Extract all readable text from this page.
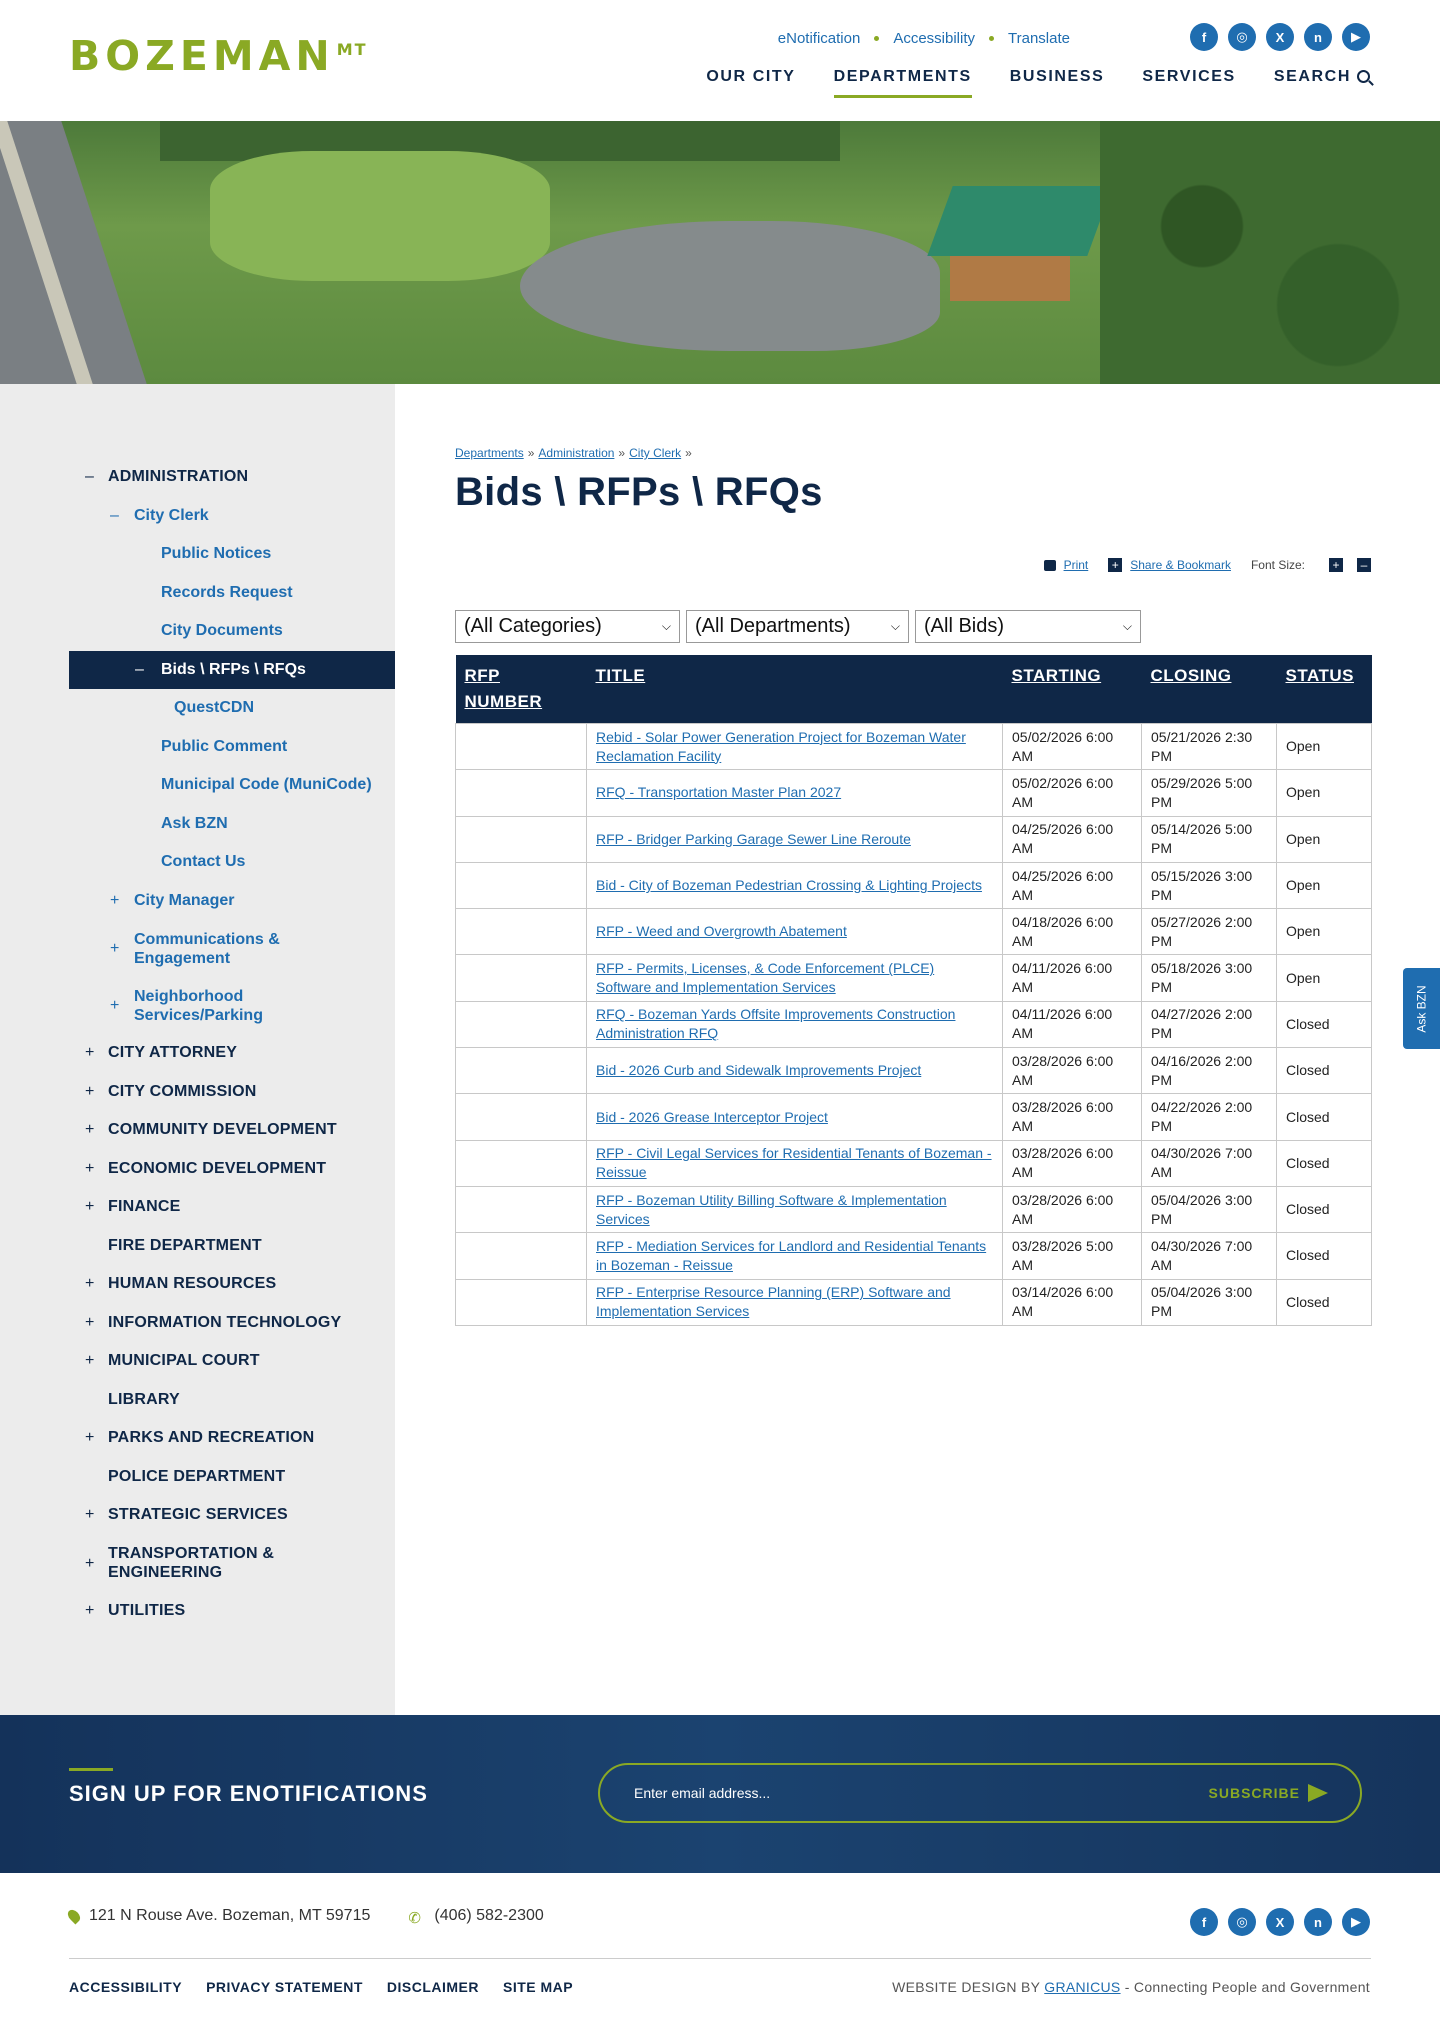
BOZEMAN MT
eNotification Accessibility Translate	f	◎	X	n	▶
OUR CITY DEPARTMENTS BUSINESS SERVICES SEARCH
– ADMINISTRATION
– City Clerk
Public Notices
Records Request
City Documents
– Bids \ RFPs \ RFQs
QuestCDN
Public Comment
Municipal Code (MuniCode)
Ask BZN
Contact Us
+ City Manager
+
Communications & Engagement
+
Neighborhood Services/Parking
+ CITY ATTORNEY
+ CITY COMMISSION
+ COMMUNITY DEVELOPMENT
+ ECONOMIC DEVELOPMENT
+ FINANCE
FIRE DEPARTMENT
+ HUMAN RESOURCES
+ INFORMATION TECHNOLOGY
+ MUNICIPAL COURT
LIBRARY
+ PARKS AND RECREATION
POLICE DEPARTMENT
+ STRATEGIC SERVICES
+
TRANSPORTATION & ENGINEERING
+ UTILITIES
Departments » Administration » City Clerk »
Bids \ RFPs \ RFQs
Print + Share & Bookmark Font Size: +	–
(All Categories)	⌵ (All Departments)	⌵ (All Bids)	⌵
RFP NUMBER	TITLE	STARTING	CLOSING	STATUS
	Rebid - Solar Power Generation Project for Bozeman Water Reclamation Facility	05/02/2026 6:00 AM	05/21/2026 2:30 PM	Open
	RFQ - Transportation Master Plan 2027	05/02/2026 6:00 AM	05/29/2026 5:00 PM	Open
	RFP - Bridger Parking Garage Sewer Line Reroute	04/25/2026 6:00 AM	05/14/2026 5:00 PM	Open
	Bid - City of Bozeman Pedestrian Crossing & Lighting Projects	04/25/2026 6:00 AM	05/15/2026 3:00 PM	Open
	RFP - Weed and Overgrowth Abatement	04/18/2026 6:00 AM	05/27/2026 2:00 PM	Open
	RFP - Permits, Licenses, & Code Enforcement (PLCE) Software and Implementation Services	04/11/2026 6:00 AM	05/18/2026 3:00 PM	Open
	RFQ - Bozeman Yards Offsite Improvements Construction Administration RFQ	04/11/2026 6:00 AM	04/27/2026 2:00 PM	Closed
	Bid - 2026 Curb and Sidewalk Improvements Project	03/28/2026 6:00 AM	04/16/2026 2:00 PM	Closed
	Bid - 2026 Grease Interceptor Project	03/28/2026 6:00 AM	04/22/2026 2:00 PM	Closed
	RFP - Civil Legal Services for Residential Tenants of Bozeman - Reissue	03/28/2026 6:00 AM	04/30/2026 7:00 AM	Closed
	RFP - Bozeman Utility Billing Software & Implementation Services	03/28/2026 6:00 AM	05/04/2026 3:00 PM	Closed
	RFP - Mediation Services for Landlord and Residential Tenants in Bozeman - Reissue	03/28/2026 5:00 AM	04/30/2026 7:00 AM	Closed
	RFP - Enterprise Resource Planning (ERP) Software and Implementation Services	03/14/2026 6:00 AM	05/04/2026 3:00 PM	Closed
Ask BZN
SIGN UP FOR ENOTIFICATIONS	Enter email address...	SUBSCRIBE
121 N Rouse Ave. Bozeman, MT 59715	✆ (406) 582-2300	f	◎	X	n	▶
ACCESSIBILITY PRIVACY STATEMENT DISCLAIMER SITE MAP	WEBSITE DESIGN BY GRANICUS - Connecting People and Government
